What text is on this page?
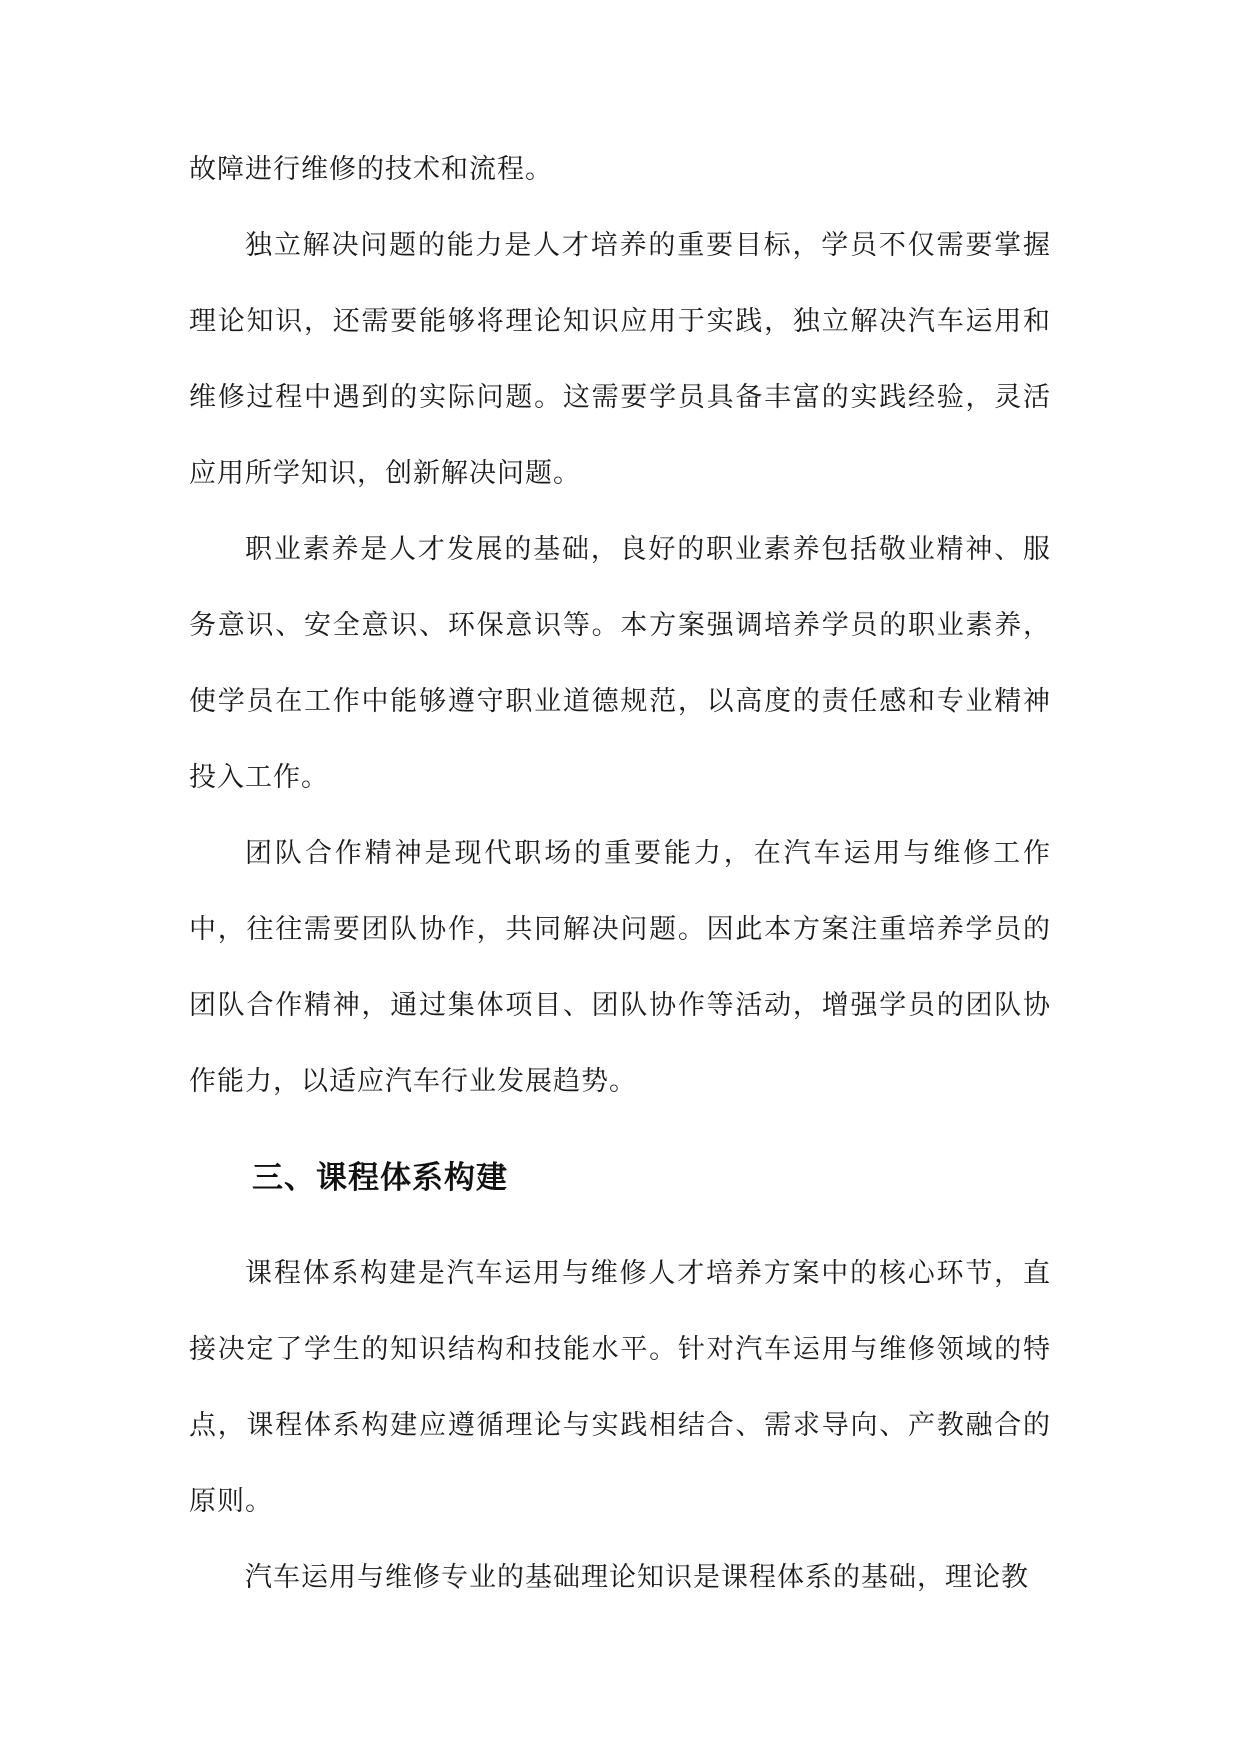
故障进行维修的技术和流程。

独立解决问题的能力是人才培养的重要目标，学员不仅需要掌握理论知识，还需要能够将理论知识应用于实践，独立解决汽车运用和维修过程中遇到的实际问题。这需要学员具备丰富的实践经验，灵活应用所学知识，创新解决问题。

职业素养是人才发展的基础，良好的职业素养包括敬业精神、服务意识、安全意识、环保意识等。本方案强调培养学员的职业素养，使学员在工作中能够遵守职业道德规范，以高度的责任感和专业精神投入工作。

团队合作精神是现代职场的重要能力，在汽车运用与维修工作中，往往需要团队协作，共同解决问题。因此本方案注重培养学员的团队合作精神，通过集体项目、团队协作等活动，增强学员的团队协作能力，以适应汽车行业发展趋势。

三、课程体系构建

课程体系构建是汽车运用与维修人才培养方案中的核心环节，直接决定了学生的知识结构和技能水平。针对汽车运用与维修领域的特点，课程体系构建应遵循理论与实践相结合、需求导向、产教融合的原则。

汽车运用与维修专业的基础理论知识是课程体系的基础，理论教
